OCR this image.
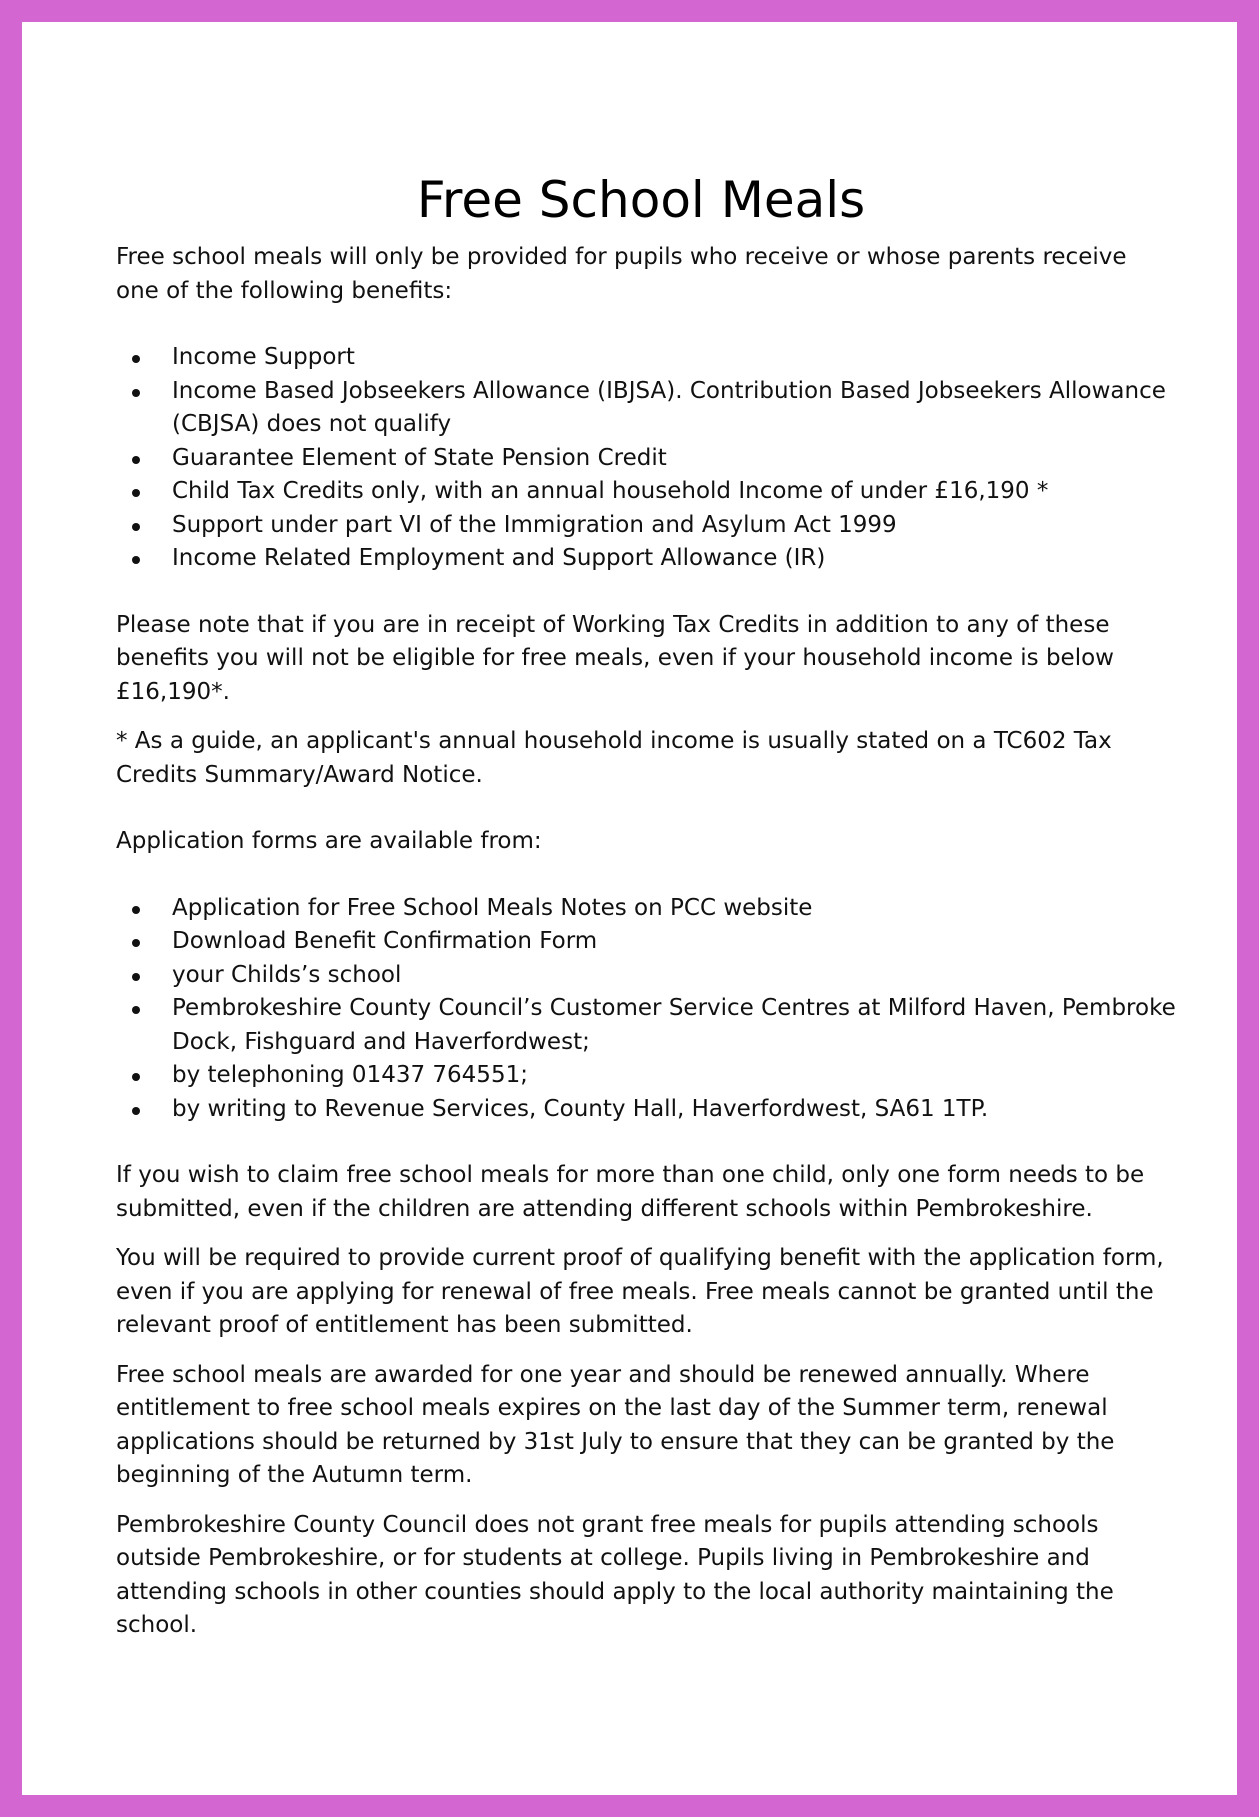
Free School Meals

Free school meals will only be provided for pupils who receive or whose parents receive one of the following benefits:

Income Support
Income Based Jobseekers Allowance (IBJSA). Contribution Based Jobseekers Allowance (CBJSA) does not qualify
Guarantee Element of State Pension Credit
Child Tax Credits only, with an annual household Income of under £16,190 *
Support under part VI of the Immigration and Asylum Act 1999
Income Related Employment and Support Allowance (IR)

Please note that if you are in receipt of Working Tax Credits in addition to any of these benefits you will not be eligible for free meals, even if your household income is below £16,190*.

* As a guide, an applicant's annual household income is usually stated on a TC602 Tax Credits Summary/Award Notice.

Application forms are available from:

Application for Free School Meals Notes on PCC website
Download Benefit Confirmation Form
your Childs’s school
Pembrokeshire County Council’s Customer Service Centres at Milford Haven, Pembroke Dock, Fishguard and Haverfordwest;
by telephoning 01437 764551;
by writing to Revenue Services, County Hall, Haverfordwest, SA61 1TP.

If you wish to claim free school meals for more than one child, only one form needs to be submitted, even if the children are attending different schools within Pembrokeshire.

You will be required to provide current proof of qualifying benefit with the application form, even if you are applying for renewal of free meals. Free meals cannot be granted until the relevant proof of entitlement has been submitted.

Free school meals are awarded for one year and should be renewed annually. Where entitlement to free school meals expires on the last day of the Summer term, renewal applications should be returned by 31st July to ensure that they can be granted by the beginning of the Autumn term.

Pembrokeshire County Council does not grant free meals for pupils attending schools outside Pembrokeshire, or for students at college. Pupils living in Pembrokeshire and attending schools in other counties should apply to the local authority maintaining the school.
